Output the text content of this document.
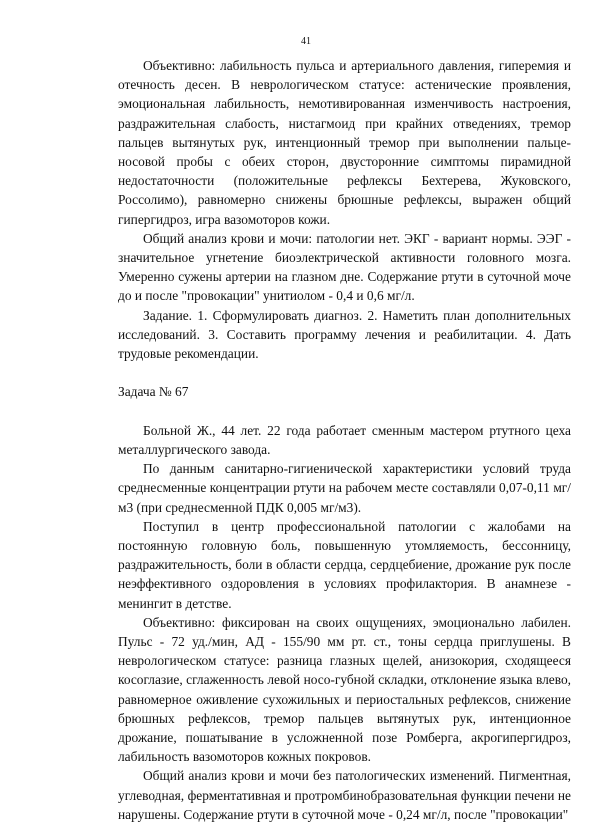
41

Объективно: лабильность пульса и артериального давления, гиперемия и отечность десен. В неврологическом статусе: астенические проявления, эмоциональная лабильность, немотивированная изменчивость настроения, раздражительная слабость, нистагмоид при крайних отведениях, тремор пальцев вытянутых рук, интенционный тремор при выполнении пальце-носовой пробы с обеих сторон, двусторонние симптомы пирамидной недостаточности (положительные рефлексы Бехтерева, Жуковского, Россолимо), равномерно снижены брюшные рефлексы, выражен общий гипергидроз, игра вазомоторов кожи.

Общий анализ крови и мочи: патологии нет. ЭКГ - вариант нормы. ЭЭГ - значительное угнетение биоэлектрической активности головного мозга. Умеренно сужены артерии на глазном дне. Содержание ртути в суточной моче до и после "провокации" унитиолом - 0,4 и 0,6 мг/л.

Задание. 1. Сформулировать диагноз. 2. Наметить план дополнительных исследований. 3. Составить программу лечения и реабилитации. 4. Дать трудовые рекомендации.

Задача № 67

Больной Ж., 44 лет. 22 года работает сменным мастером ртутного цеха металлургического завода.

По данным санитарно-гигиенической характеристики условий труда среднесменные концентрации ртути на рабочем месте составляли 0,07-0,11 мг/м3 (при среднесменной ПДК 0,005 мг/м3).

Поступил в центр профессиональной патологии с жалобами на постоянную головную боль, повышенную утомляемость, бессонницу, раздражительность, боли в области сердца, сердцебиение, дрожание рук после неэффективного оздоровления в условиях профилактория. В анамнезе - менингит в детстве.

Объективно: фиксирован на своих ощущениях, эмоционально лабилен. Пульс - 72 уд./мин, АД - 155/90 мм рт. ст., тоны сердца приглушены. В неврологическом статусе: разница глазных щелей, анизокория, сходящееся косоглазие, сглаженность левой носо-губной складки, отклонение языка влево, равномерное оживление сухожильных и периостальных рефлексов, снижение брюшных рефлексов, тремор пальцев вытянутых рук, интенционное дрожание, пошатывание в усложненной позе Ромберга, акрогипергидроз, лабильность вазомоторов кожных покровов.

Общий анализ крови и мочи без патологических изменений. Пигментная, углеводная, ферментативная и протромбинобразовательная функции печени не нарушены. Содержание ртути в суточной моче - 0,24 мг/л, после "провокации"
